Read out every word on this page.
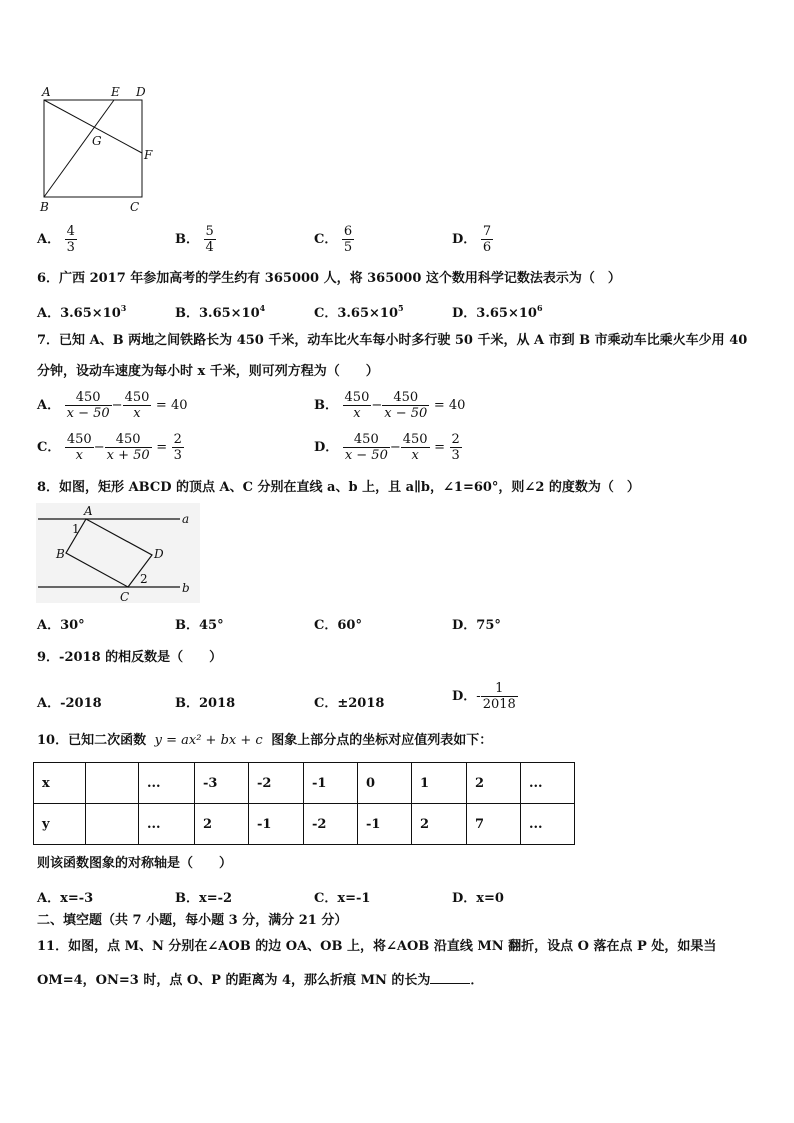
A	E D
G
F
B	C
A． $\frac{4}{3}$	B． $\frac{5}{4}$	C． $\frac{6}{5}$	D． $\frac{7}{6}$
6．广西 2017 年参加高考的学生约有 365000 人，将 365000 这个数用科学记数法表示为（　）
A．$3.65\times 10^3$	B．$3.65\times 10^4$	C．$3.65\times 10^5$	D．$3.65\times 10^6$
7．已知 A、B 两地之间铁路长为 450 千米，动车比火车每小时多行驶 50 千米，从 A 市到 B 市乘动车比乘火车少用 40
分钟，设动车速度为每小时 x 千米，则可列方程为（　　）
A． $\frac{450}{x - 50} - \frac{450}{x} = 40$	B． $\frac{450}{x} - \frac{450}{x - 50} = 40$
C． $\frac{450}{x} - \frac{450}{x + 50} = \frac{2}{3}$	D． $\frac{450}{x - 50} - \frac{450}{x} = \frac{2}{3}$
8．如图，矩形 ABCD 的顶点 A、C 分别在直线 a、b 上，且 a∥b，∠1=60°，则∠2 的度数为（　）
A
a
1
B	D
2
C
b
A．30°	B．45°	C．60°	D．75°
9．-2018 的相反数是（　　）
A．-2018	B．2018	C．±2018	D．- $\frac{1}{2018}$
10．已知二次函数 y = ax² + bx + c 图象上部分点的坐标对应值列表如下：
x		...	-3	-2	-1	0	1	2	...
y		...	2	-1	-2	-1	2	7	...
则该函数图象的对称轴是（　　）
A．x=-3	B．x=-2	C．x=-1	D．x=0
二、填空题（共 7 小题，每小题 3 分，满分 21 分）
11．如图，点 M、N 分别在∠AOB 的边 OA、OB 上，将∠AOB 沿直线 MN 翻折，设点 O 落在点 P 处，如果当
OM=4，ON=3 时，点 O、P 的距离为 4，那么折痕 MN 的长为	．
